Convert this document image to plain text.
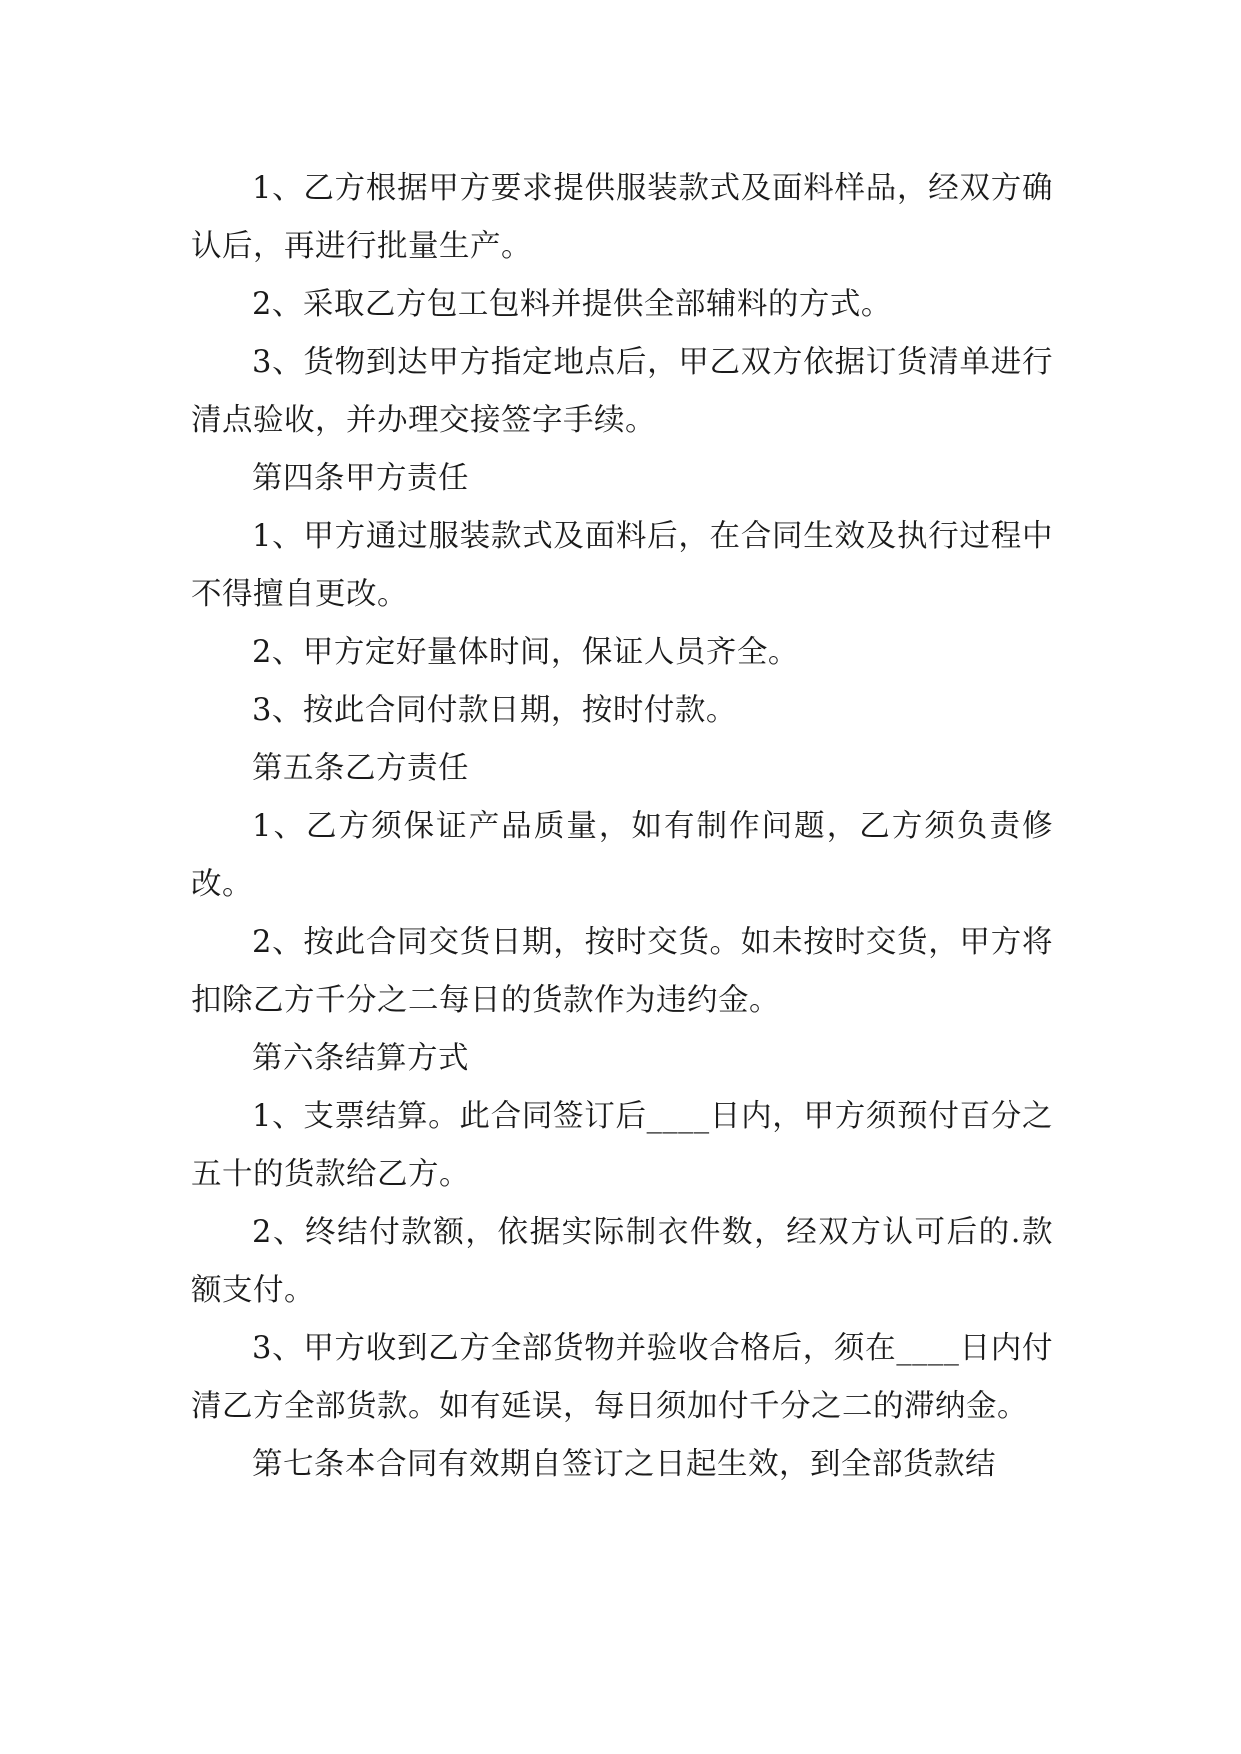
1、乙方根据甲方要求提供服装款式及面料样品，经双方确认后，再进行批量生产。

2、采取乙方包工包料并提供全部辅料的方式。

3、货物到达甲方指定地点后，甲乙双方依据订货清单进行清点验收，并办理交接签字手续。

第四条甲方责任

1、甲方通过服装款式及面料后，在合同生效及执行过程中不得擅自更改。

2、甲方定好量体时间，保证人员齐全。

3、按此合同付款日期，按时付款。

第五条乙方责任

1、乙方须保证产品质量，如有制作问题，乙方须负责修改。

2、按此合同交货日期，按时交货。如未按时交货，甲方将扣除乙方千分之二每日的货款作为违约金。

第六条结算方式

1、支票结算。此合同签订后____日内，甲方须预付百分之五十的货款给乙方。

2、终结付款额，依据实际制衣件数，经双方认可后的.款额支付。

3、甲方收到乙方全部货物并验收合格后，须在____日内付清乙方全部货款。如有延误，每日须加付千分之二的滞纳金。

第七条本合同有效期自签订之日起生效，到全部货款结
